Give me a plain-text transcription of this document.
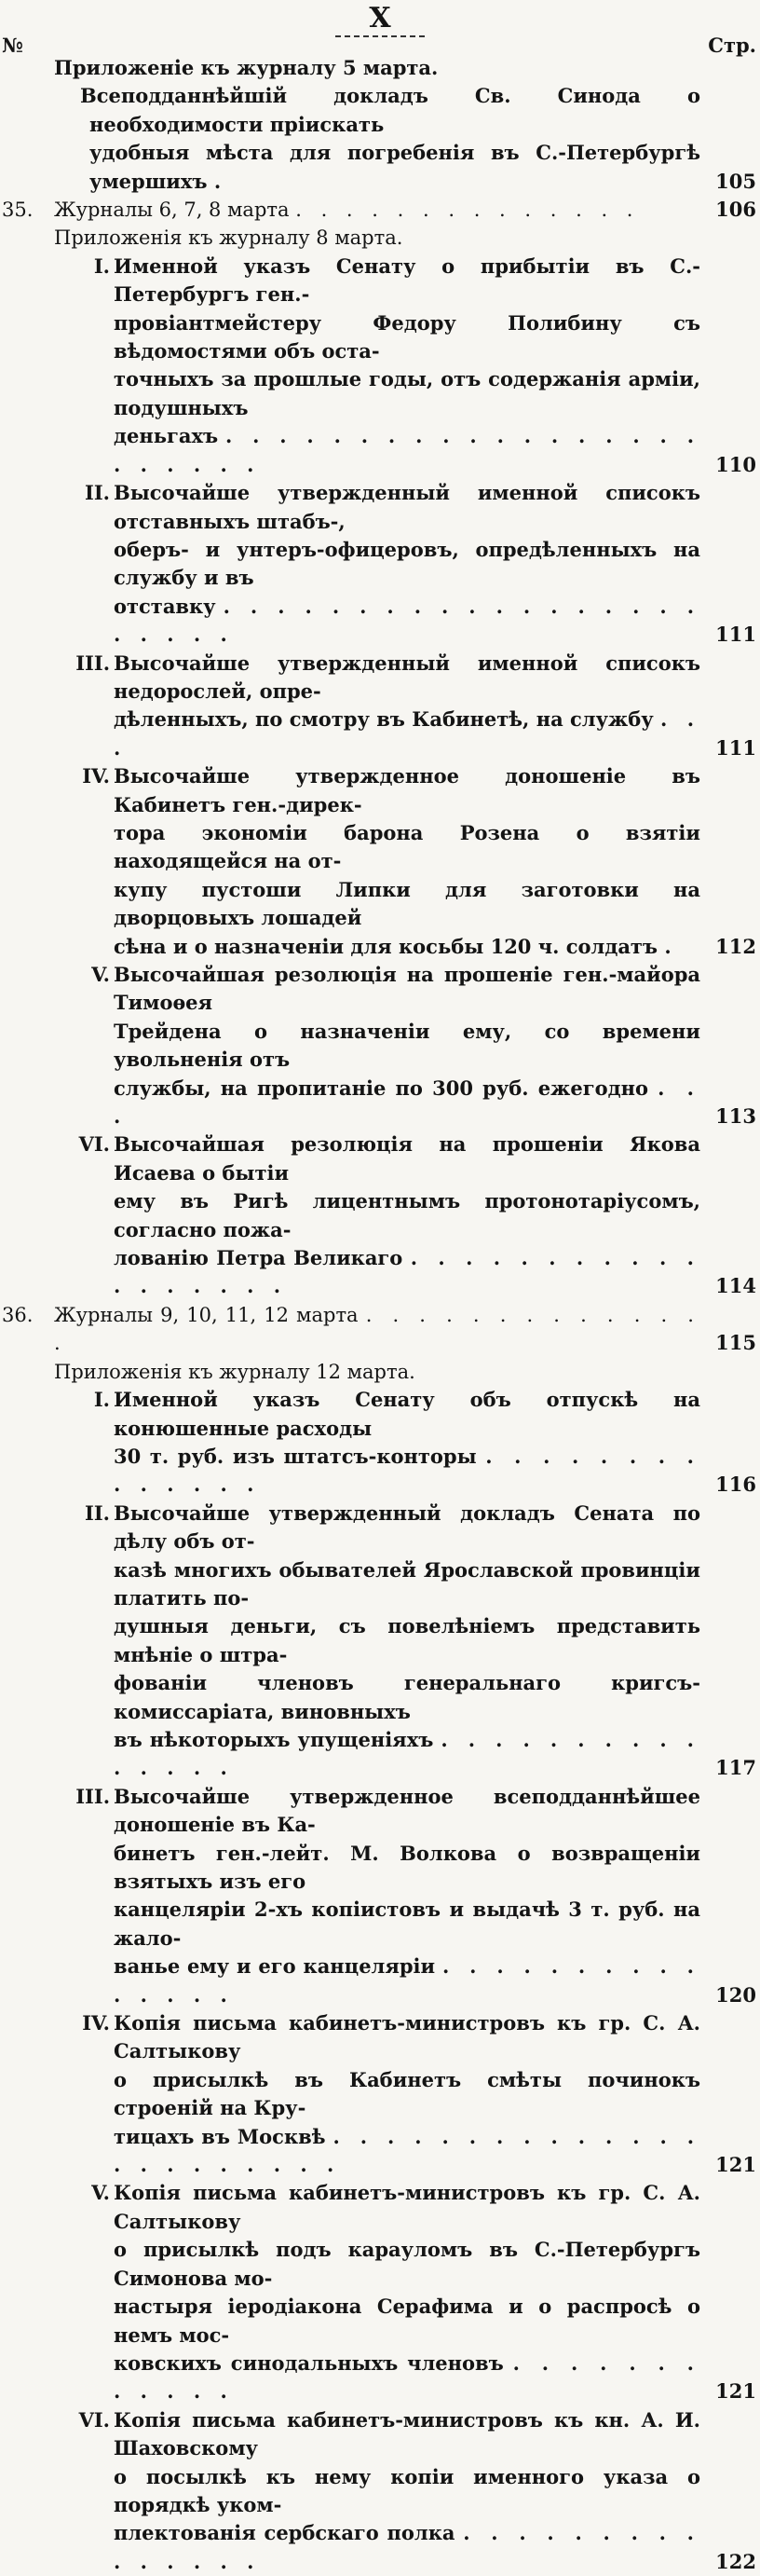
X
№	Стр.
Приложеніе къ журналу 5 марта.
Всеподданнѣйшій докладъ Св. Синода о необходимости пріискать
удобныя мѣста для погребенія въ С.-Петербургѣ умершихъ .	105
35. Журналы 6, 7, 8 марта . . . . . . . . . . . . . .	106
Приложенія къ журналу 8 марта.
I. Именной указъ Сенату о прибытіи въ С.-Петербургъ ген.-
провіантмейстеру Федору Полибину съ вѣдомостями объ оста-
точныхъ за прошлые годы, отъ содержанія арміи, подушныхъ
деньгахъ . . . . . . . . . . . . . . . . . . . . . . . .	110
II. Высочайше утвержденный именной списокъ отставныхъ штабъ-,
оберъ- и унтеръ-офицеровъ, опредѣленныхъ на службу и въ
отставку . . . . . . . . . . . . . . . . . . . . . . .	111
III. Высочайше утвержденный именной списокъ недорослей, опре-
дѣленныхъ, по смотру въ Кабинетѣ, на службу . . .	111
IV. Высочайше утвержденное доношеніе въ Кабинетъ ген.-дирек-
тора экономіи барона Розена о взятіи находящейся на от-
купу пустоши Липки для заготовки на дворцовыхъ лошадей
сѣна и о назначеніи для косьбы 120 ч. солдатъ . 112
V. Высочайшая резолюція на прошеніе ген.-майора Тимоѳея
Трейдена о назначеніи ему, со времени увольненія отъ
службы, на пропитаніе по 300 руб. ежегодно . . .	113
VI. Высочайшая резолюція на прошеніи Якова Исаева о бытіи
ему въ Ригѣ лицентнымъ протонотаріусомъ, согласно пожа-
лованію Петра Великаго . . . . . . . . . . . . . . . . . .	114
36. Журналы 9, 10, 11, 12 марта . . . . . . . . . . . . . .	115
Приложенія къ журналу 12 марта.
I. Именной указъ Сенату объ отпускѣ на конюшенные расходы
30 т. руб. изъ штатсъ-конторы . . . . . . . . . . . . . .	116
II. Высочайше утвержденный докладъ Сената по дѣлу объ от-
казѣ многихъ обывателей Ярославской провинціи платить по-
душныя деньги, съ повелѣніемъ представить мнѣніе о штра-
фованіи членовъ генеральнаго кригсъ-комиссаріата, виновныхъ
въ нѣкоторыхъ упущеніяхъ . . . . . . . . . . . . . . .	117
III. Высочайше утвержденное всеподданнѣйшее доношеніе въ Ка-
бинетъ ген.-лейт. М. Волкова о возвращеніи взятыхъ изъ его
канцеляріи 2-хъ копіистовъ и выдачѣ 3 т. руб. на жало-
ванье ему и его канцеляріи . . . . . . . . . . . . . . .	120
IV. Копія письма кабинетъ-министровъ къ гр. С. А. Салтыкову
о присылкѣ въ Кабинетъ смѣты починокъ строеній на Кру-
тицахъ въ Москвѣ . . . . . . . . . . . . . . . . . . . . . . .	121
V. Копія письма кабинетъ-министровъ къ гр. С. А. Салтыкову
о присылкѣ подъ карауломъ въ С.-Петербургъ Симонова мо-
настыря іеродіакона Серафима и о распросѣ о немъ мос-
ковскихъ синодальныхъ членовъ . . . . . . . . . . . .	121
VI. Копія письма кабинетъ-министровъ къ кн. А. И. Шаховскому
о посылкѣ къ нему копіи именного указа о порядкѣ уком-
плектованія сербскаго полка . . . . . . . . . . . . . . .	122
